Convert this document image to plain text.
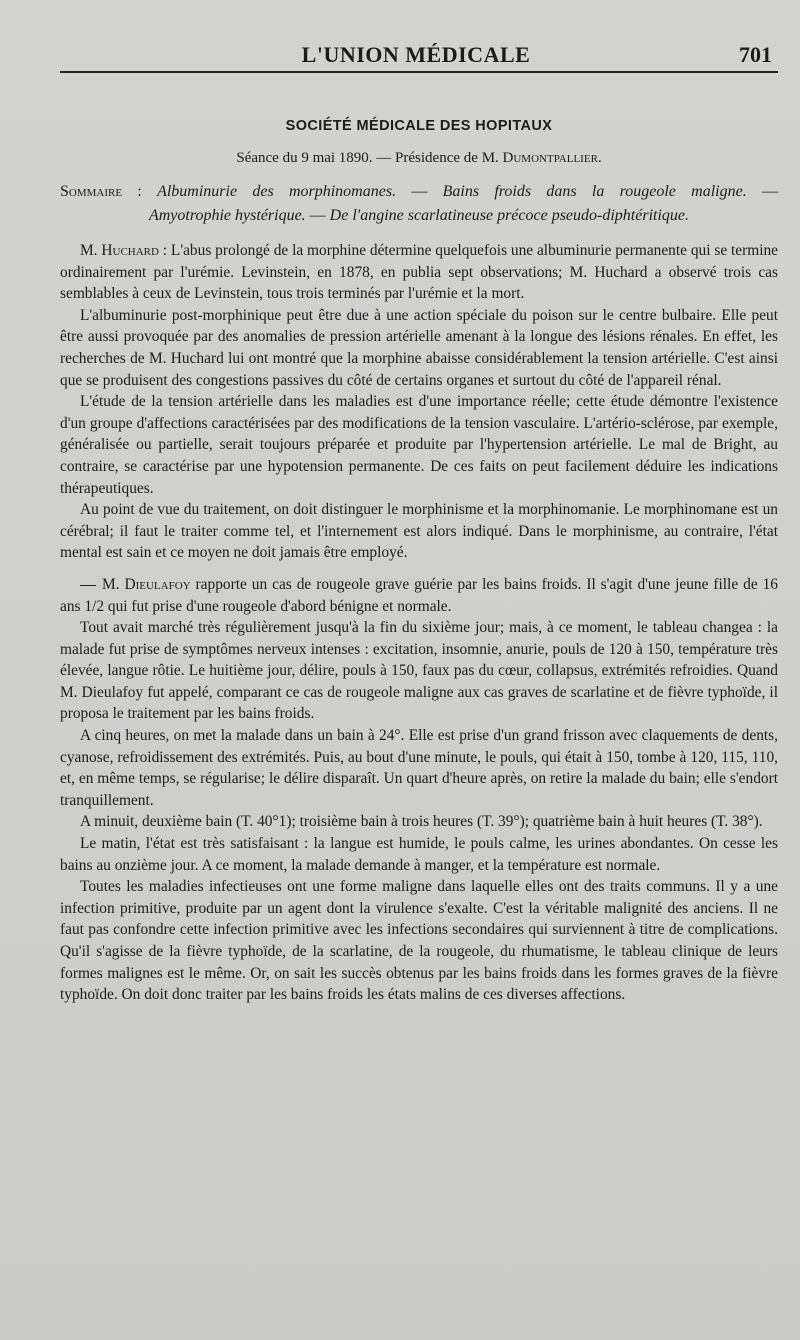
L'UNION MÉDICALE	701
SOCIÉTÉ MÉDICALE DES HOPITAUX
Séance du 9 mai 1890. — Présidence de M. Dumontpallier.
Sommaire : Albuminurie des morphinomanes. — Bains froids dans la rougeole maligne. —
Amyotrophie hystérique. — De l'angine scarlatineuse précoce pseudo-diphtéritique.

M. Huchard : L'abus prolongé de la morphine détermine quelquefois une albuminurie permanente qui se termine ordinairement par l'urémie. Levinstein, en 1878, en publia sept observations; M. Huchard a observé trois cas semblables à ceux de Levinstein, tous trois terminés par l'urémie et la mort.

L'albuminurie post-morphinique peut être due à une action spéciale du poison sur le centre bulbaire. Elle peut être aussi provoquée par des anomalies de pression artérielle amenant à la longue des lésions rénales. En effet, les recherches de M. Huchard lui ont montré que la morphine abaisse considérablement la tension artérielle. C'est ainsi que se produisent des congestions passives du côté de certains organes et surtout du côté de l'appareil rénal.

L'étude de la tension artérielle dans les maladies est d'une importance réelle; cette étude démontre l'existence d'un groupe d'affections caractérisées par des modifications de la tension vasculaire. L'artério-sclérose, par exemple, généralisée ou partielle, serait toujours préparée et produite par l'hypertension artérielle. Le mal de Bright, au contraire, se caractérise par une hypotension permanente. De ces faits on peut facilement déduire les indications thérapeutiques.

Au point de vue du traitement, on doit distinguer le morphinisme et la morphinomanie. Le morphinomane est un cérébral; il faut le traiter comme tel, et l'internement est alors indiqué. Dans le morphinisme, au contraire, l'état mental est sain et ce moyen ne doit jamais être employé.

M. Dieulafoy rapporte un cas de rougeole grave guérie par les bains froids. Il s'agit d'une jeune fille de 16 ans 1/2 qui fut prise d'une rougeole d'abord bénigne et normale.

Tout avait marché très régulièrement jusqu'à la fin du sixième jour; mais, à ce moment, le tableau changea : la malade fut prise de symptômes nerveux intenses : excitation, insomnie, anurie, pouls de 120 à 150, température très élevée, langue rôtie. Le huitième jour, délire, pouls à 150, faux pas du cœur, collapsus, extrémités refroidies. Quand M. Dieulafoy fut appelé, comparant ce cas de rougeole maligne aux cas graves de scarlatine et de fièvre typhoïde, il proposa le traitement par les bains froids.

A cinq heures, on met la malade dans un bain à 24°. Elle est prise d'un grand frisson avec claquements de dents, cyanose, refroidissement des extrémités. Puis, au bout d'une minute, le pouls, qui était à 150, tombe à 120, 115, 110, et, en même temps, se régularise; le délire disparaît. Un quart d'heure après, on retire la malade du bain; elle s'endort tranquillement.

A minuit, deuxième bain (T. 40°1); troisième bain à trois heures (T. 39°); quatrième bain à huit heures (T. 38°).

Le matin, l'état est très satisfaisant : la langue est humide, le pouls calme, les urines abondantes. On cesse les bains au onzième jour. A ce moment, la malade demande à manger, et la température est normale.

Toutes les maladies infectieuses ont une forme maligne dans laquelle elles ont des traits communs. Il y a une infection primitive, produite par un agent dont la virulence s'exalte. C'est la véritable malignité des anciens. Il ne faut pas confondre cette infection primitive avec les infections secondaires qui surviennent à titre de complications. Qu'il s'agisse de la fièvre typhoïde, de la scarlatine, de la rougeole, du rhumatisme, le tableau clinique de leurs formes malignes est le même. Or, on sait les succès obtenus par les bains froids dans les formes graves de la fièvre typhoïde. On doit donc traiter par les bains froids les états malins de ces diverses affections.
